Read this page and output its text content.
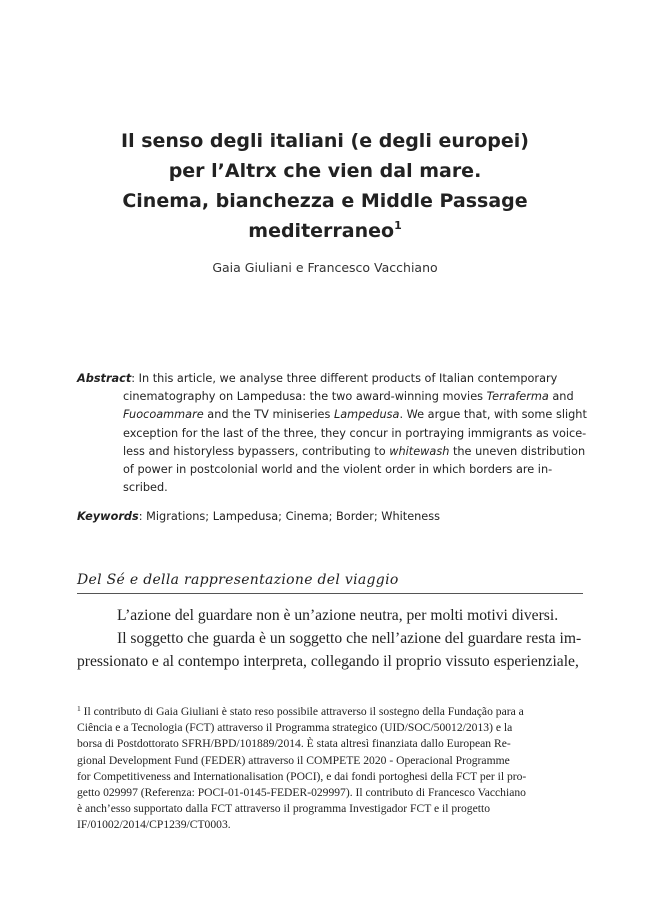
Il senso degli italiani (e degli europei)
per l’Altrx che vien dal mare.
Cinema, bianchezza e Middle Passage
mediterraneo$^1$
Gaia Giuliani e Francesco Vacchiano
Abstract: In this article, we analyse three different products of Italian contemporary
cinematography on Lampedusa: the two award-winning movies Terraferma and
Fuocoammare and the TV miniseries Lampedusa. We argue that, with some slight
exception for the last of the three, they concur in portraying immigrants as voice-
less and historyless bypassers, contributing to whitewash the uneven distribution
of power in postcolonial world and the violent order in which borders are in-
scribed.
Keywords: Migrations; Lampedusa; Cinema; Border; Whiteness
Del Sé e della rappresentazione del viaggio
L’azione del guardare non è un’azione neutra, per molti motivi diversi.
Il soggetto che guarda è un soggetto che nell’azione del guardare resta im-
pressionato e al contempo interpreta, collegando il proprio vissuto esperienziale,
$^1$ Il contributo di Gaia Giuliani è stato reso possibile attraverso il sostegno della Fundação para a
Ciência e a Tecnologia (FCT) attraverso il Programma strategico (UID/SOC/50012/2013) e la
borsa di Postdottorato SFRH/BPD/101889/2014. È stata altresì finanziata dallo European Re-
gional Development Fund (FEDER) attraverso il COMPETE 2020 - Operacional Programme
for Competitiveness and Internationalisation (POCI), e dai fondi portoghesi della FCT per il pro-
getto 029997 (Referenza: POCI-01-0145-FEDER-029997). Il contributo di Francesco Vacchiano
è anch’esso supportato dalla FCT attraverso il programma Investigador FCT e il progetto
IF/01002/2014/CP1239/CT0003.
